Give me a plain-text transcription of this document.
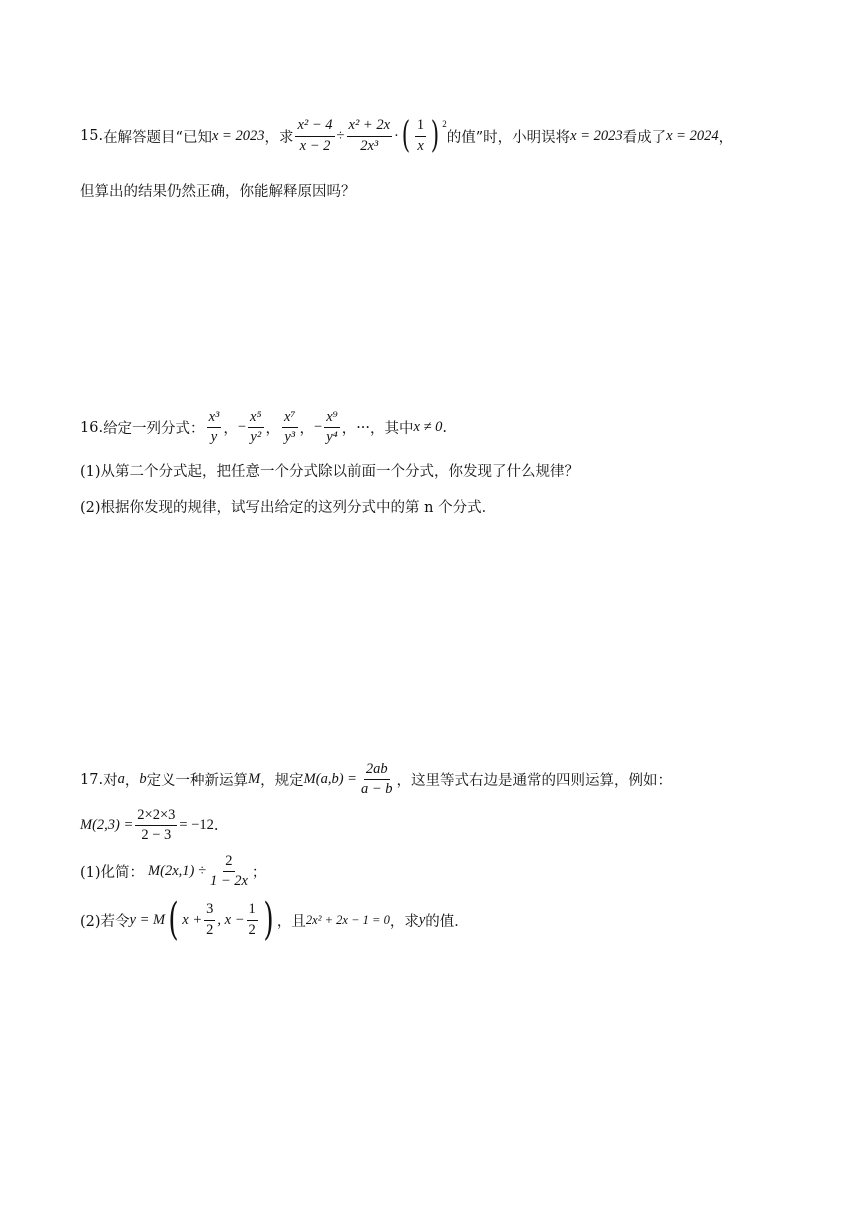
15. 在解答题目“已知 x = 2023 ，求 $\frac{\text{x² − 4}}{x - 2} \div \frac{\text{x² + 2x}}{\text{2x³}}$ · ( $\frac{1}{x}$ ) 2
的值”时，小明误将 x = 2023 看成了 x = 2024 ，
但算出的结果仍然正确，你能解释原因吗？
16. 给定一列分式： $\frac{\text{x³}}{y}$ ， − $\frac{\text{x⁵}}{\text{y²}}$ ， $\frac{\text{x⁷}}{\text{y³}}$ ， − $\frac{\text{x⁹}}{\text{y⁴}}$ ， ··· ，其中 x ≠ 0 .
(1)从第二个分式起，把任意一个分式除以前面一个分式，你发现了什么规律？
(2)根据你发现的规律，试写出给定的这列分式中的第 n 个分式．
17. 对 a ， b 定义一种新运算 M ，规定 $M(a,b) = \frac{2ab}{a - b}$ ，这里等式右边是通常的四则运算，例如：
$M(2,3) = \frac{2\times 2\times 3}{2 - 3} = -12$ .
(1)化简： $M(2x,1) \div \frac{2}{1 - 2x}$ ；
(2)若令 y = M ( $x + \frac{3}{2}$ , $x - \frac{1}{2}$ ) ，且 2x² + 2x − 1 = 0 ，求 y 的值．
